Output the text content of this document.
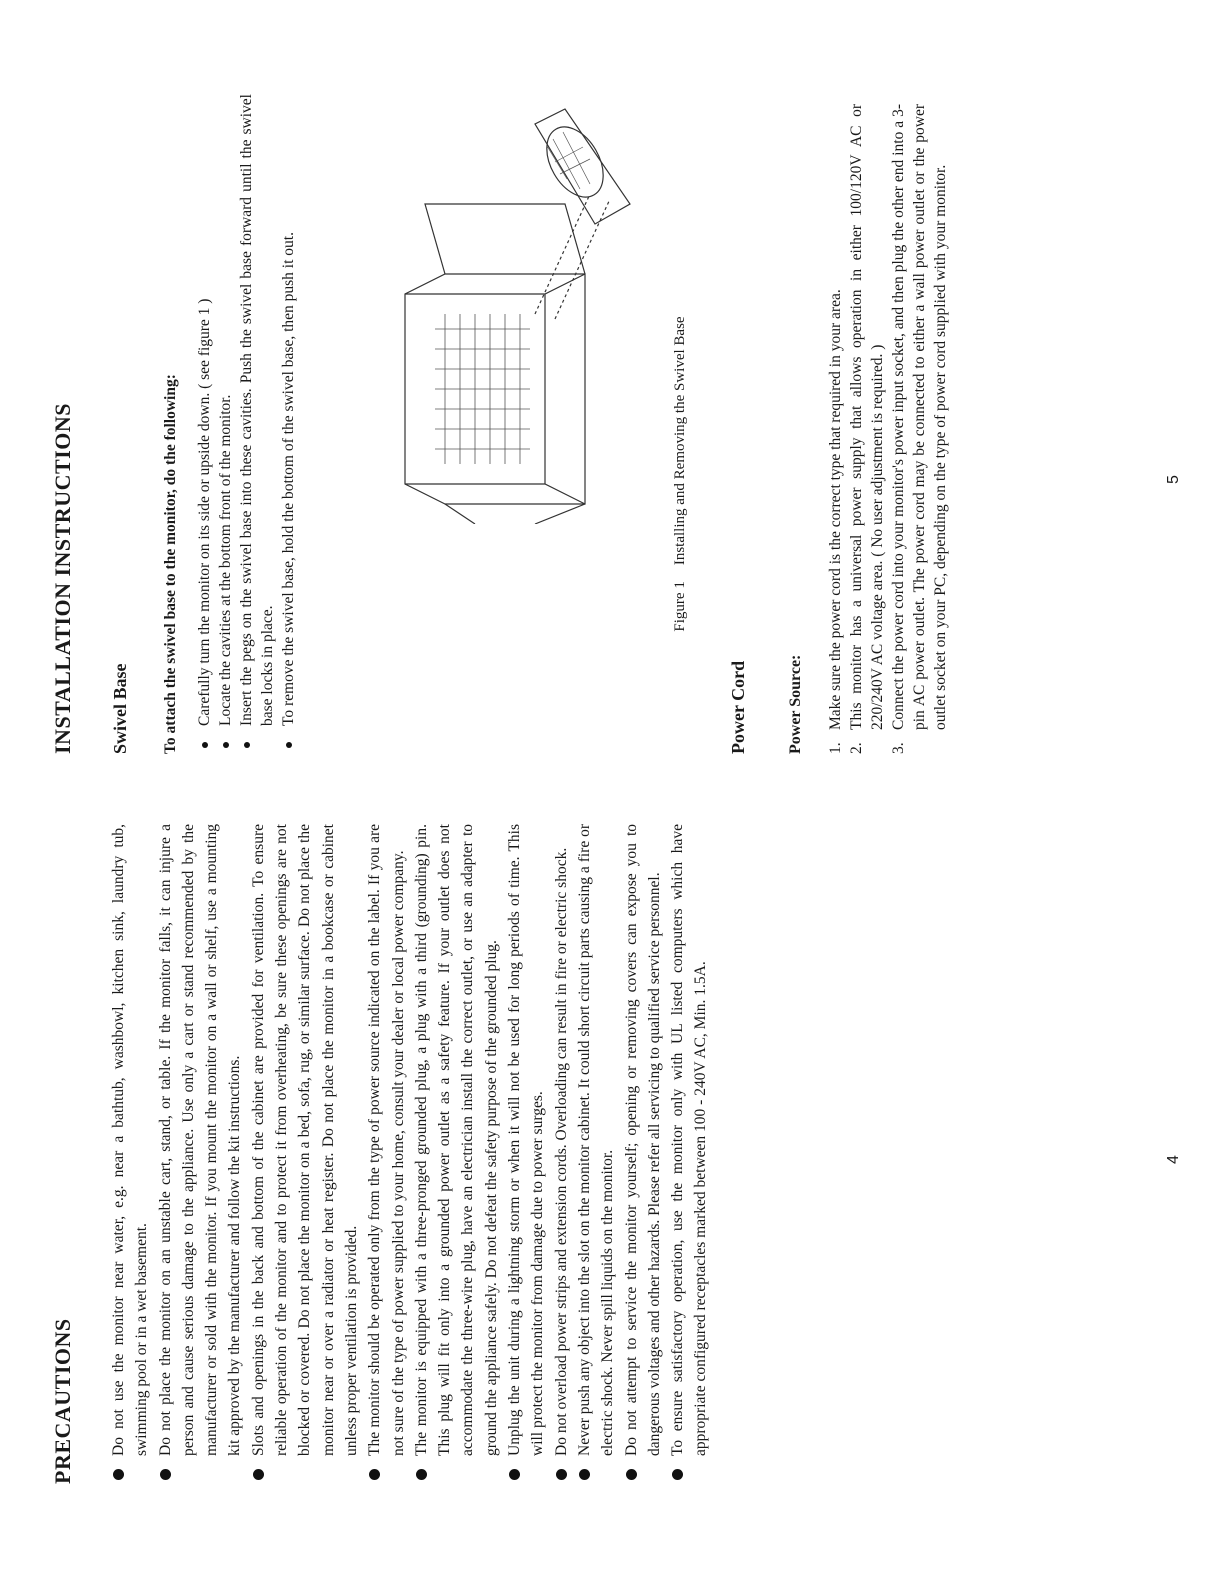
PRECAUTIONS Do not use the monitor near water, e.g. near a bathtub, washbowl, kitchen sink, laundry tub, swimming pool or in a wet basement. Do not place the monitor on an unstable cart, stand, or table. If the monitor falls, it can injure a person and cause serious damage to the appliance. Use only a cart or stand recommended by the manufacturer or sold with the monitor. If you mount the monitor on a wall or shelf, use a mounting kit approved by the manufacturer and follow the kit instructions. Slots and openings in the back and bottom of the cabinet are provided for ventilation. To ensure reliable operation of the monitor and to protect it from overheating, be sure these openings are not blocked or covered. Do not place the monitor on a bed, sofa, rug, or similar surface. Do not place the monitor near or over a radiator or heat register. Do not place the monitor in a bookcase or cabinet unless proper ventilation is provided. The monitor should be operated only from the type of power source indicated on the label. If you are not sure of the type of power supplied to your home, consult your dealer or local power company. The monitor is equipped with a three-pronged grounded plug, a plug with a third (grounding) pin. This plug will fit only into a grounded power outlet as a safety feature. If your outlet does not accommodate the three-wire plug, have an electrician install the correct outlet, or use an adapter to ground the appliance safely. Do not defeat the safety purpose of the grounded plug. Unplug the unit during a lightning storm or when it will not be used for long periods of time. This will protect the monitor from damage due to power surges. Do not overload power strips and extension cords. Overloading can result in fire or electric shock. Never push any object into the slot on the monitor cabinet. It could short circuit parts causing a fire or electric shock. Never spill liquids on the monitor. Do not attempt to service the monitor yourself; opening or removing covers can expose you to dangerous voltages and other hazards. Please refer all servicing to qualified service personnel. To ensure satisfactory operation, use the monitor only with UL listed computers which have appropriate configured receptacles marked between 100 - 240V AC, Min. 1.5A.	4
INSTALLATION INSTRUCTIONS Swivel Base To attach the swivel base to the monitor, do the following: Carefully turn the monitor on its side or upside down. ( see figure 1 ) Locate the cavities at the bottom front of the monitor. Insert the pegs on the swivel base into these cavities. Push the swivel base forward until the swivel base locks in place. To remove the swivel base, hold the bottom of the swivel base, then push it out.	Figure 1Installing and Removing the Swivel Base

Power Cord Power Source: 1.
Make sure the power cord is the correct type that required in your area.
2.
This monitor has a universal power supply that allows operation in either 100/120V AC or 220/240V AC voltage area. ( No user adjustment is required. )
3.
Connect the power cord into your monitor's power input socket, and then plug the other end into a 3-pin AC power outlet. The power cord may be connected to either a wall power outlet or the power outlet socket on your PC, depending on the type of power cord supplied with your monitor.	5
